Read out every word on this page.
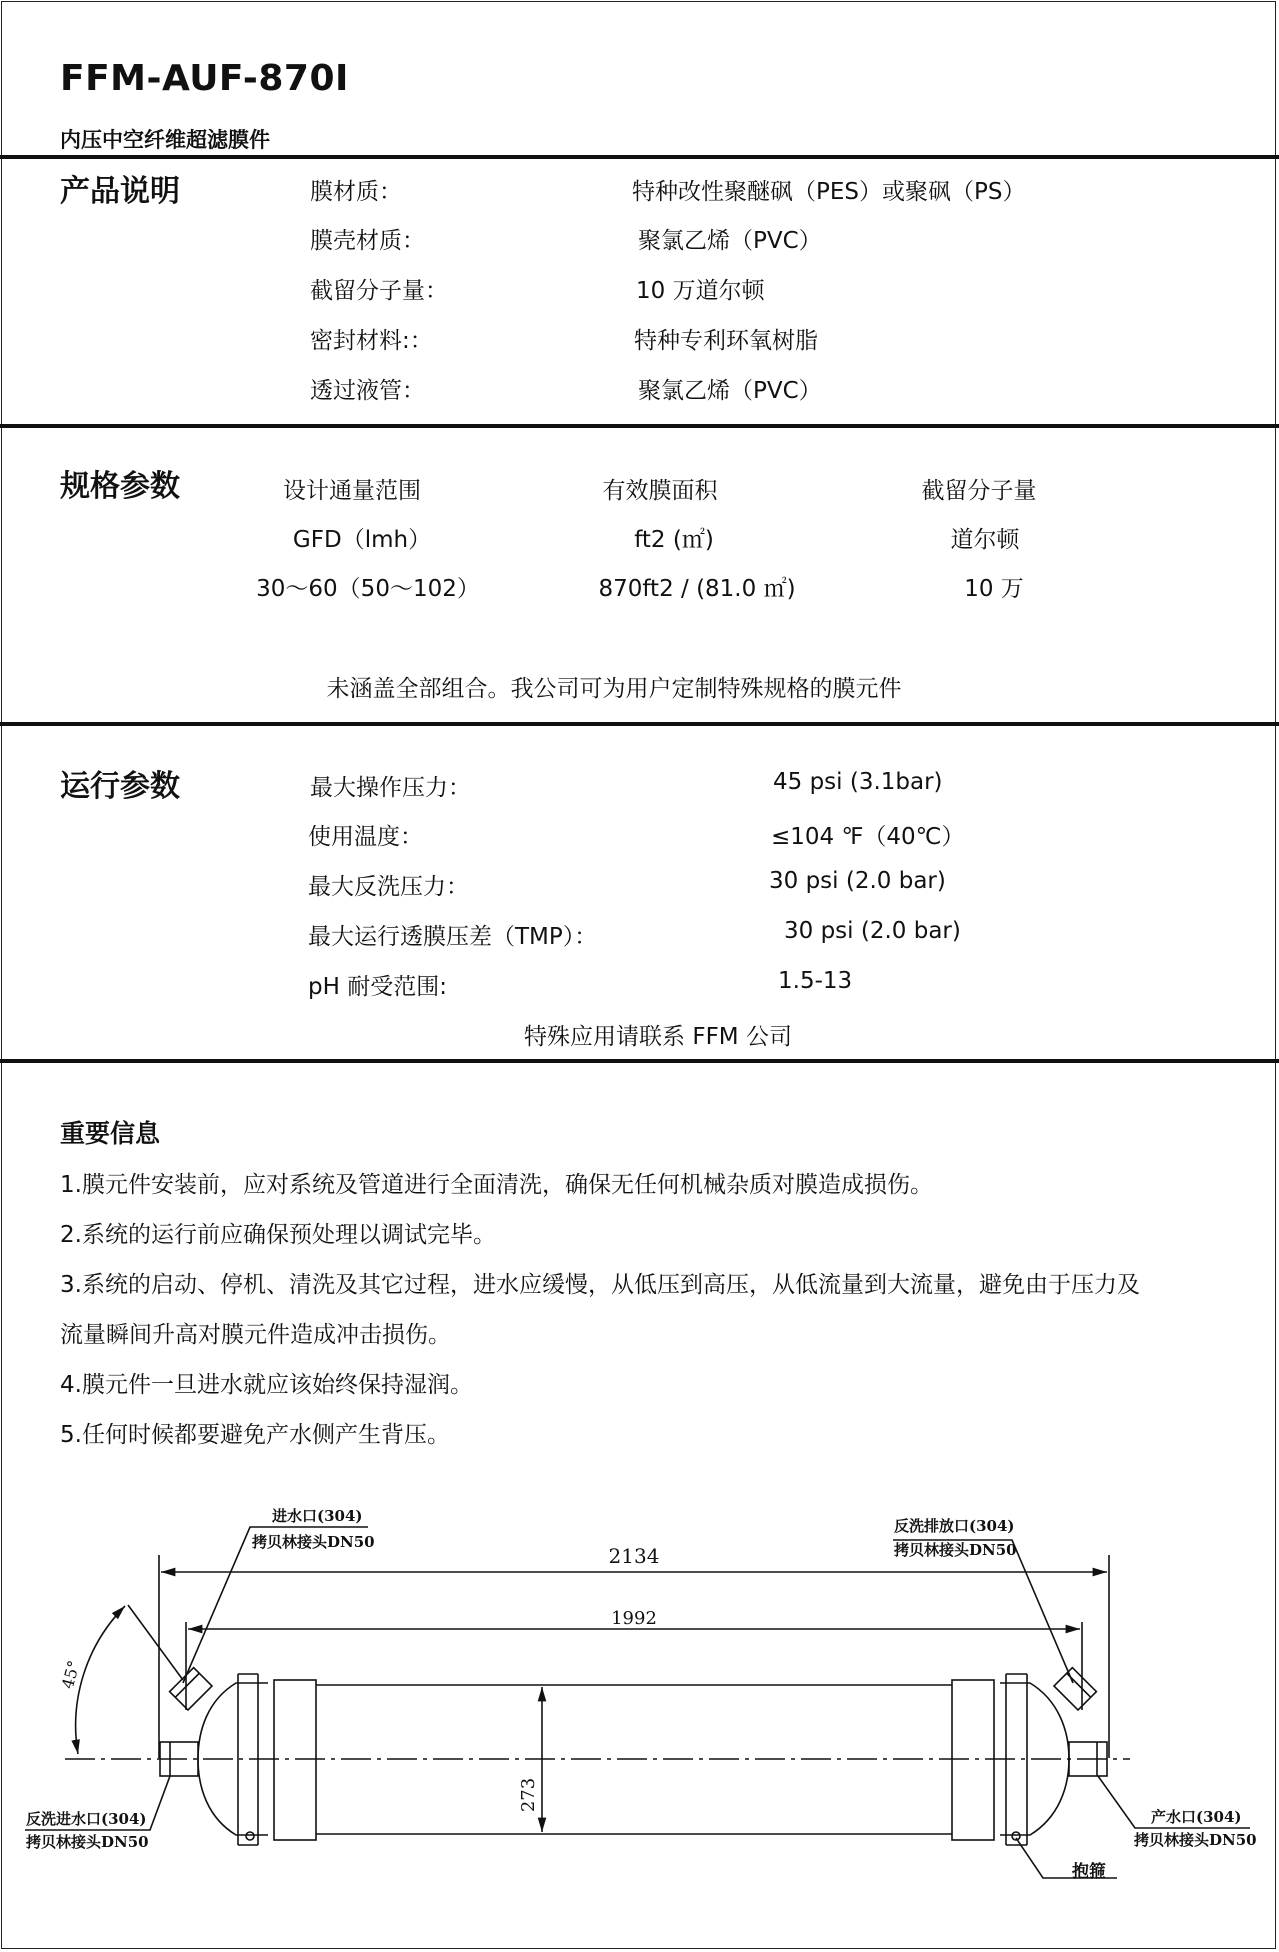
FFM-AUF-870I
内压中空纤维超滤膜件
产品说明	膜材质：	特种改性聚醚砜（PES）或聚砜（PS）
膜壳材质：	聚氯乙烯（PVC）
截留分子量：	10 万道尔顿
密封材料:：	特种专利环氧树脂
透过液管：	聚氯乙烯（PVC）
规格参数	设计通量范围	有效膜面积	截留分子量
GFD（lmh）	ft2 (㎡)	道尔顿
30～60（50～102）	870ft2 / (81.0 ㎡)	10 万
未涵盖全部组合。我公司可为用户定制特殊规格的膜元件
运行参数	最大操作压力：	45 psi (3.1bar)
使用温度：	≤104 ℉（40℃）
最大反洗压力：	30 psi (2.0 bar)
最大运行透膜压差（TMP）：	30 psi (2.0 bar)
pH 耐受范围:	1.5-13
特殊应用请联系 FFM 公司
重要信息
1.膜元件安装前，应对系统及管道进行全面清洗，确保无任何机械杂质对膜造成损伤。
2.系统的运行前应确保预处理以调试完毕。
3.系统的启动、停机、清洗及其它过程，进水应缓慢，从低压到高压，从低流量到大流量，避免由于压力及
流量瞬间升高对膜元件造成冲击损伤。
4.膜元件一旦进水就应该始终保持湿润。
5.任何时候都要避免产水侧产生背压。
进水口(304)
拷贝林接头DN50
反洗排放口(304)
拷贝林接头DN50
反洗进水口(304)
拷贝林接头DN50
产水口(304)
拷贝林接头DN50
抱箍
2134
1992
273
45°
